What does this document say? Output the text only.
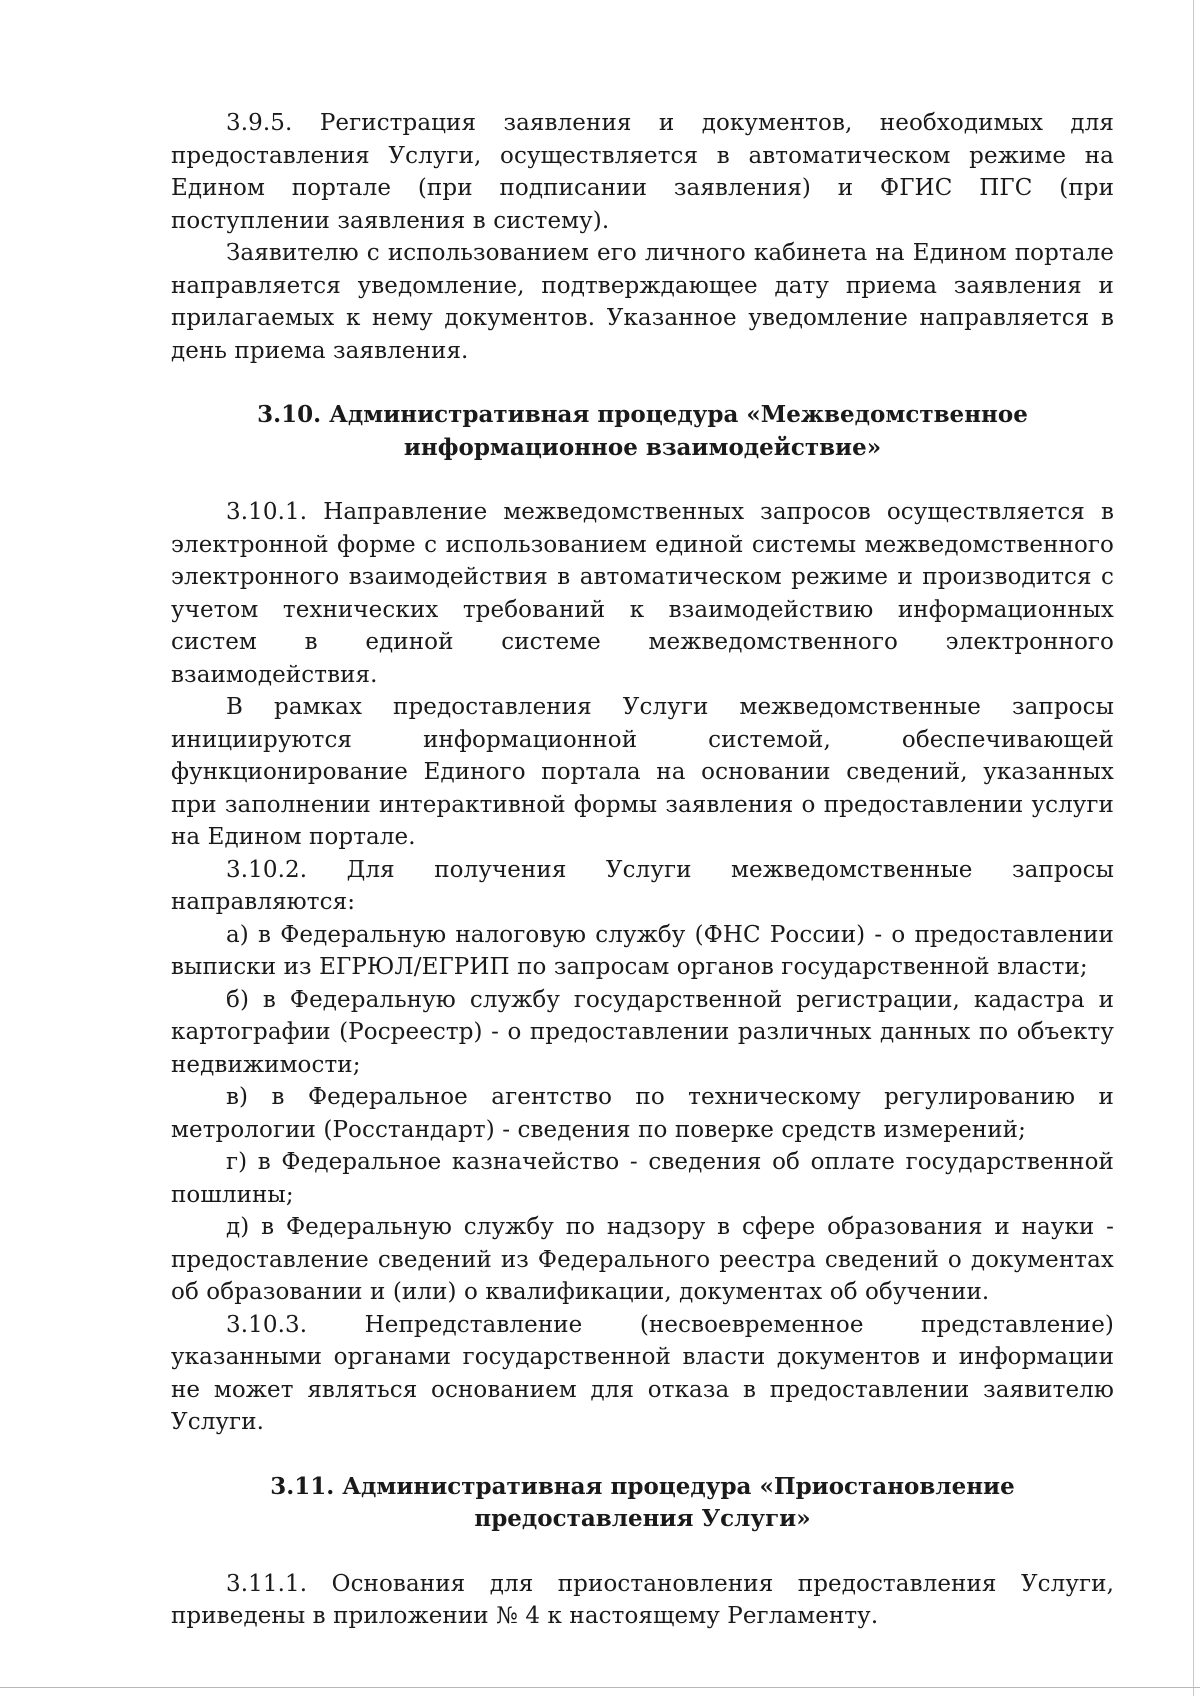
3.9.5. Регистрация заявления и документов, необходимых для предоставления Услуги, осуществляется в автоматическом режиме на Едином портале (при подписании заявления) и ФГИС ПГС (при поступлении заявления в систему).

Заявителю с использованием его личного кабинета на Едином портале направляется уведомление, подтверждающее дату приема заявления и прилагаемых к нему документов. Указанное уведомление направляется в день приема заявления.

3.10. Административная процедура «Межведомственное

информационное взаимодействие»

3.10.1. Направление межведомственных запросов осуществляется в электронной форме с использованием единой системы межведомственного электронного взаимодействия в автоматическом режиме и производится с учетом технических требований к взаимодействию информационных систем в единой системе межведомственного электронного взаимодействия.

В рамках предоставления Услуги межведомственные запросы инициируются информационной системой, обеспечивающей функционирование Единого портала на основании сведений, указанных при заполнении интерактивной формы заявления о предоставлении услуги на Едином портале.

3.10.2. Для получения Услуги межведомственные запросы направляются:

а) в Федеральную налоговую службу (ФНС России) - о предоставлении выписки из ЕГРЮЛ/ЕГРИП по запросам органов государственной власти;

б) в Федеральную службу государственной регистрации, кадастра и картографии (Росреестр) - о предоставлении различных данных по объекту недвижимости;

в) в Федеральное агентство по техническому регулированию и метрологии (Росстандарт) - сведения по поверке средств измерений;

г) в Федеральное казначейство - сведения об оплате государственной пошлины;

д) в Федеральную службу по надзору в сфере образования и науки - предоставление сведений из Федерального реестра сведений о документах об образовании и (или) о квалификации, документах об обучении.

3.10.3. Непредставление (несвоевременное представление) указанными органами государственной власти документов и информации не может являться основанием для отказа в предоставлении заявителю Услуги.

3.11. Административная процедура «Приостановление

предоставления Услуги»

3.11.1. Основания для приостановления предоставления Услуги, приведены в приложении № 4 к настоящему Регламенту.
